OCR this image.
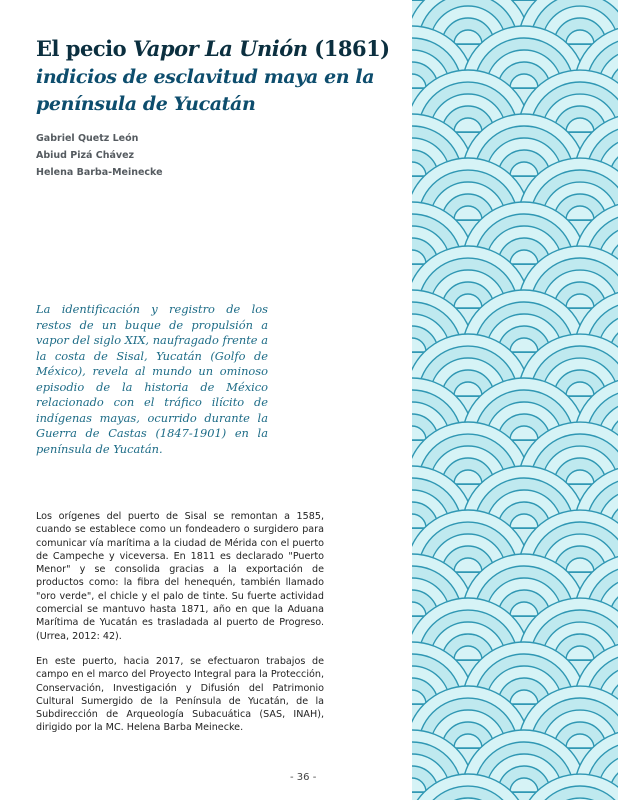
El pecio Vapor La Unión (1861)
indicios de esclavitud maya en la península de Yucatán
Gabriel Quetz León
Abiud Pizá Chávez
Helena Barba-Meinecke

La identificación y registro de los restos de un buque de propulsión a vapor del siglo XIX, naufragado frente a la costa de Sisal, Yucatán (Golfo de México), revela al mundo un ominoso episodio de la historia de México relacionado con el tráfico ilícito de indígenas mayas, ocurrido durante la Guerra de Castas (1847-1901) en la península de Yucatán.

Los orígenes del puerto de Sisal se remontan a 1585, cuando se establece como un fondeadero o surgidero para comunicar vía marítima a la ciudad de Mérida con el puerto de Campeche y viceversa. En 1811 es declarado "Puerto Menor" y se consolida gracias a la exportación de productos como: la fibra del henequén, también llamado "oro verde", el chicle y el palo de tinte. Su fuerte actividad comercial se mantuvo hasta 1871, año en que la Aduana Marítima de Yucatán es trasladada al puerto de Progreso. (Urrea, 2012: 42).

En este puerto, hacia 2017, se efectuaron trabajos de campo en el marco del Proyecto Integral para la Protección, Conservación, Investigación y Difusión del Patrimonio Cultural Sumergido de la Península de Yucatán, de la Subdirección de Arqueología Subacuática (SAS, INAH), dirigido por la MC. Helena Barba Meinecke.

- 36 -
